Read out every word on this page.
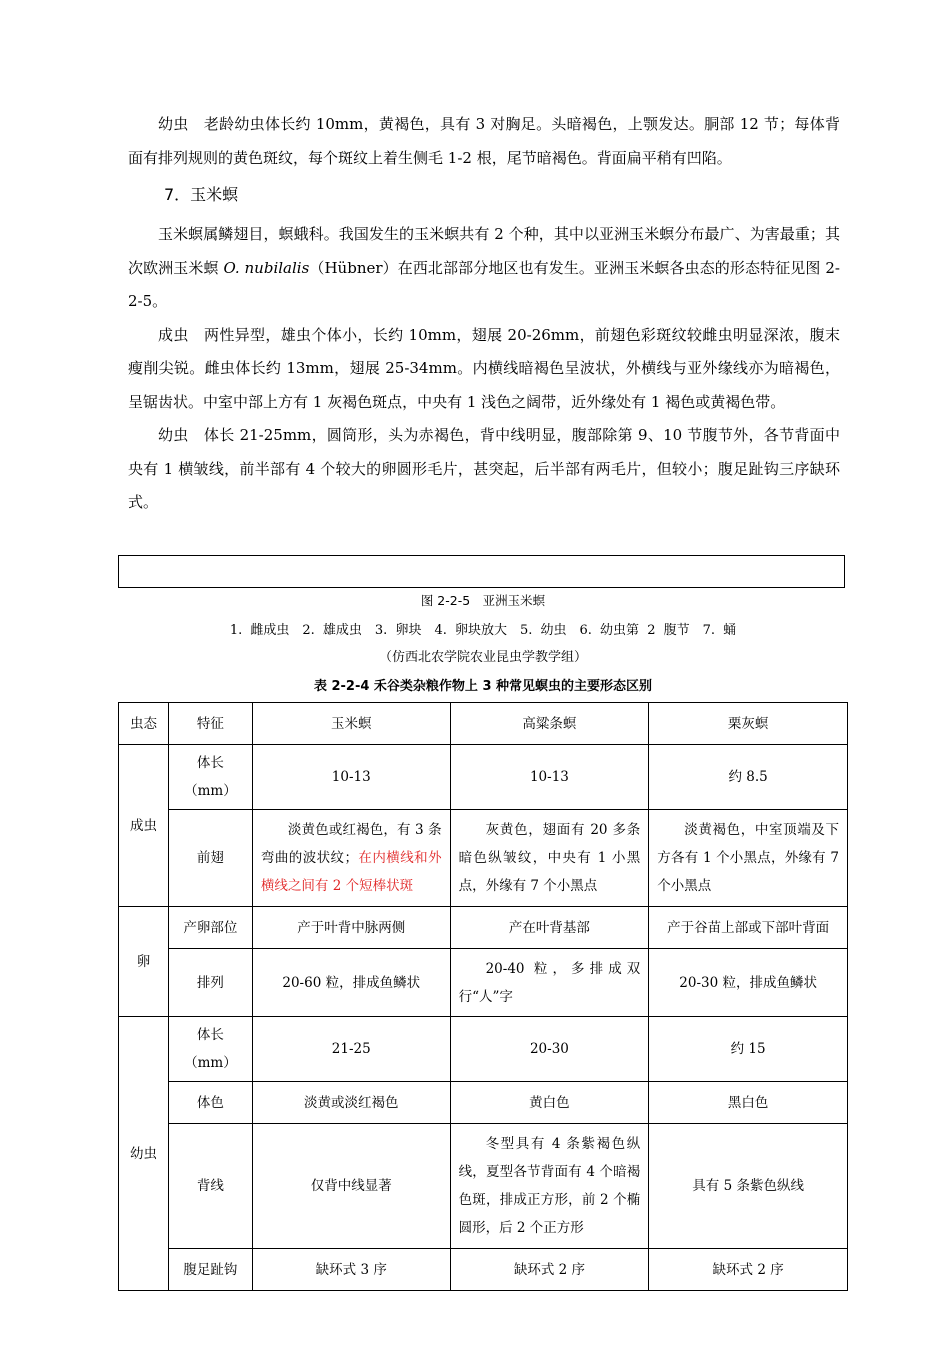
幼虫　老龄幼虫体长约 10mm，黄褐色，具有 3 对胸足。头暗褐色，上颚发达。胴部 12 节；每体背面有排列规则的黄色斑纹，每个斑纹上着生侧毛 1-2 根，尾节暗褐色。背面扁平稍有凹陷。

7．玉米螟

玉米螟属鳞翅目，螟蛾科。我国发生的玉米螟共有 2 个种，其中以亚洲玉米螟分布最广、为害最重；其次欧洲玉米螟 O. nubilalis（Hübner）在西北部部分地区也有发生。亚洲玉米螟各虫态的形态特征见图 2-2-5。

成虫　两性异型，雄虫个体小，长约 10mm，翅展 20-26mm，前翅色彩斑纹较雌虫明显深浓，腹末瘦削尖锐。雌虫体长约 13mm，翅展 25-34mm。内横线暗褐色呈波状，外横线与亚外缘线亦为暗褐色，呈锯齿状。中室中部上方有 1 灰褐色斑点，中央有 1 浅色之阔带，近外缘处有 1 褐色或黄褐色带。

幼虫　体长 21-25mm，圆筒形，头为赤褐色，背中线明显，腹部除第 9、10 节腹节外，各节背面中央有 1 横皱线，前半部有 4 个较大的卵圆形毛片，甚突起，后半部有两毛片，但较小；腹足趾钩三序缺环式。

图 2-2-5　亚洲玉米螟
1. 雌成虫　2. 雄成虫　3. 卵块　4. 卵块放大　5. 幼虫　6. 幼虫第 2 腹节　7. 蛹
（仿西北农学院农业昆虫学教学组）
表 2-2-4 禾谷类杂粮作物上 3 种常见螟虫的主要形态区别
虫态	特征	玉米螟	高粱条螟	栗灰螟
成虫	体长（mm）	10-13	10-13	约 8.5
	前翅	淡黄色或红褐色，有 3 条弯曲的波状纹；在内横线和外横线之间有 2 个短棒状斑	灰黄色，翅面有 20 多条暗色纵皱纹，中央有 1 小黑点，外缘有 7 个小黑点	淡黄褐色，中室顶端及下方各有 1 个小黑点，外缘有 7 个小黑点
卵	产卵部位	产于叶背中脉两侧	产在叶背基部	产于谷苗上部或下部叶背面
	排列	20-60 粒，排成鱼鳞状	20-40 粒，多排成双行“人”字	20-30 粒，排成鱼鳞状
幼虫	体长（mm）	21-25	20-30	约 15
	体色	淡黄或淡红褐色	黄白色	黑白色
	背线	仅背中线显著	冬型具有 4 条紫褐色纵线，夏型各节背面有 4 个暗褐色斑，排成正方形，前 2 个椭圆形，后 2 个正方形	具有 5 条紫色纵线
	腹足趾钩	缺环式 3 序	缺环式 2 序	缺环式 2 序
